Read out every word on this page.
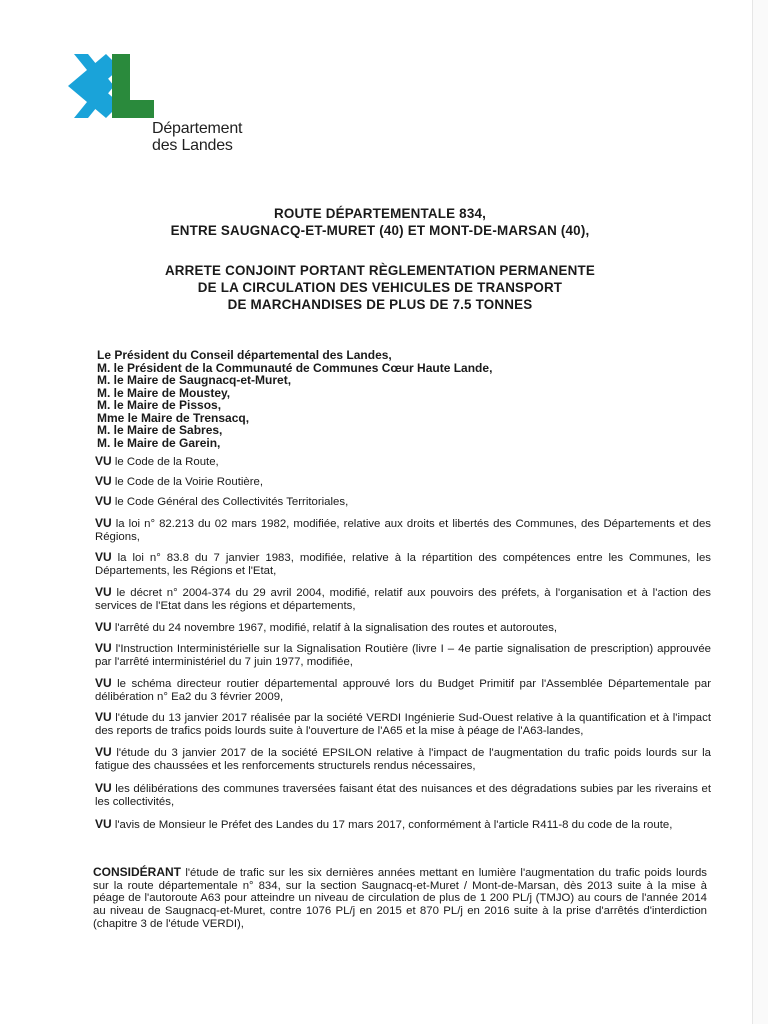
Département
des Landes
ROUTE DÉPARTEMENTALE 834,
ENTRE SAUGNACQ-ET-MURET (40) ET MONT-DE-MARSAN (40),
ARRETE CONJOINT PORTANT RÈGLEMENTATION PERMANENTE
DE LA CIRCULATION DES VEHICULES DE TRANSPORT
DE MARCHANDISES DE PLUS DE 7.5 TONNES
Le Président du Conseil départemental des Landes,
M. le Président de la Communauté de Communes Cœur Haute Lande,
M. le Maire de Saugnacq-et-Muret,
M. le Maire de Moustey,
M. le Maire de Pissos,
Mme le Maire de Trensacq,
M. le Maire de Sabres,
M. le Maire de Garein,

VU le Code de la Route,

VU le Code de la Voirie Routière,

VU le Code Général des Collectivités Territoriales,

VU la loi n° 82.213 du 02 mars 1982, modifiée, relative aux droits et libertés des Communes, des Départements et des Régions,

VU la loi n° 83.8 du 7 janvier 1983, modifiée, relative à la répartition des compétences entre les Communes, les Départements, les Régions et l'Etat,

VU le décret n° 2004-374 du 29 avril 2004, modifié, relatif aux pouvoirs des préfets, à l'organisation et à l'action des services de l'Etat dans les régions et départements,

VU l'arrêté du 24 novembre 1967, modifié, relatif à la signalisation des routes et autoroutes,

VU l'Instruction Interministérielle sur la Signalisation Routière (livre I – 4e partie signalisation de prescription) approuvée par l'arrêté interministériel du 7 juin 1977, modifiée,

VU le schéma directeur routier départemental approuvé lors du Budget Primitif par l'Assemblée Départementale par délibération n° Ea2 du 3 février 2009,

VU l'étude du 13 janvier 2017 réalisée par la société VERDI Ingénierie Sud-Ouest relative à la quantification et à l'impact des reports de trafics poids lourds suite à l'ouverture de l'A65 et la mise à péage de l'A63-landes,

VU l'étude du 3 janvier 2017 de la société EPSILON relative à l'impact de l'augmentation du trafic poids lourds sur la fatigue des chaussées et les renforcements structurels rendus nécessaires,

VU les délibérations des communes traversées faisant état des nuisances et des dégradations subies par les riverains et les collectivités,

VU l'avis de Monsieur le Préfet des Landes du 17 mars 2017, conformément à l'article R411-8 du code de la route,

CONSIDÉRANT l'étude de trafic sur les six dernières années mettant en lumière l'augmentation du trafic poids lourds sur la route départementale n° 834, sur la section Saugnacq-et-Muret / Mont-de-Marsan, dès 2013 suite à la mise à péage de l'autoroute A63 pour atteindre un niveau de circulation de plus de 1 200 PL/j (TMJO) au cours de l'année 2014 au niveau de Saugnacq-et-Muret, contre 1076 PL/j en 2015 et 870 PL/j en 2016 suite à la prise d'arrêtés d'interdiction (chapitre 3 de l'étude VERDI),
